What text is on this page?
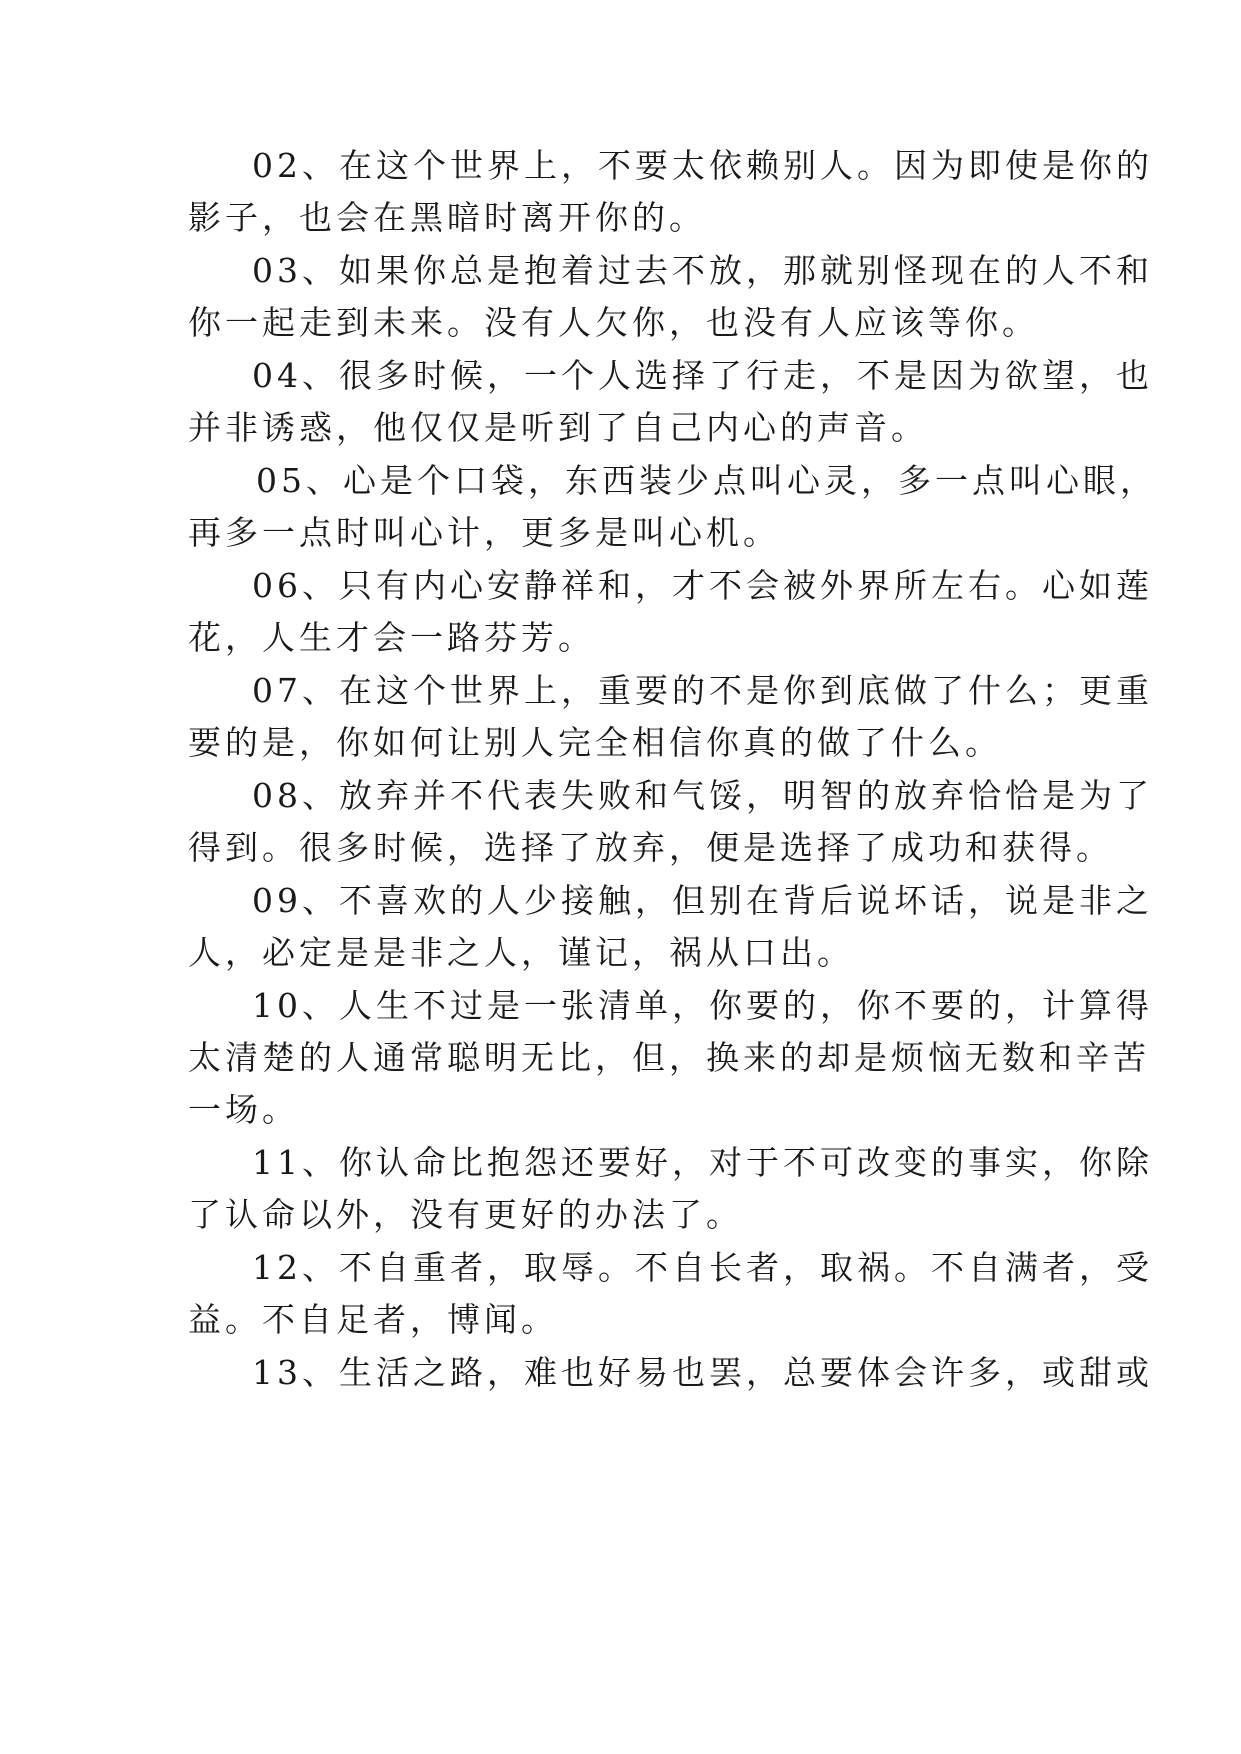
02、在这个世界上，不要太依赖别人。因为即使是你的
影子，也会在黑暗时离开你的。
03、如果你总是抱着过去不放，那就别怪现在的人不和
你一起走到未来。没有人欠你，也没有人应该等你。
04、很多时候，一个人选择了行走，不是因为欲望，也
并非诱惑，他仅仅是听到了自己内心的声音。
05、心是个口袋，东西装少点叫心灵，多一点叫心眼，
再多一点时叫心计，更多是叫心机。
06、只有内心安静祥和，才不会被外界所左右。心如莲
花，人生才会一路芬芳。
07、在这个世界上，重要的不是你到底做了什么；更重
要的是，你如何让别人完全相信你真的做了什么。
08、放弃并不代表失败和气馁，明智的放弃恰恰是为了
得到。很多时候，选择了放弃，便是选择了成功和获得。
09、不喜欢的人少接触，但别在背后说坏话，说是非之
人，必定是是非之人，谨记，祸从口出。
10、人生不过是一张清单，你要的，你不要的，计算得
太清楚的人通常聪明无比，但，换来的却是烦恼无数和辛苦
一场。
11、你认命比抱怨还要好，对于不可改变的事实，你除
了认命以外，没有更好的办法了。
12、不自重者，取辱。不自长者，取祸。不自满者，受
益。不自足者，博闻。
13、生活之路，难也好易也罢，总要体会许多，或甜或
